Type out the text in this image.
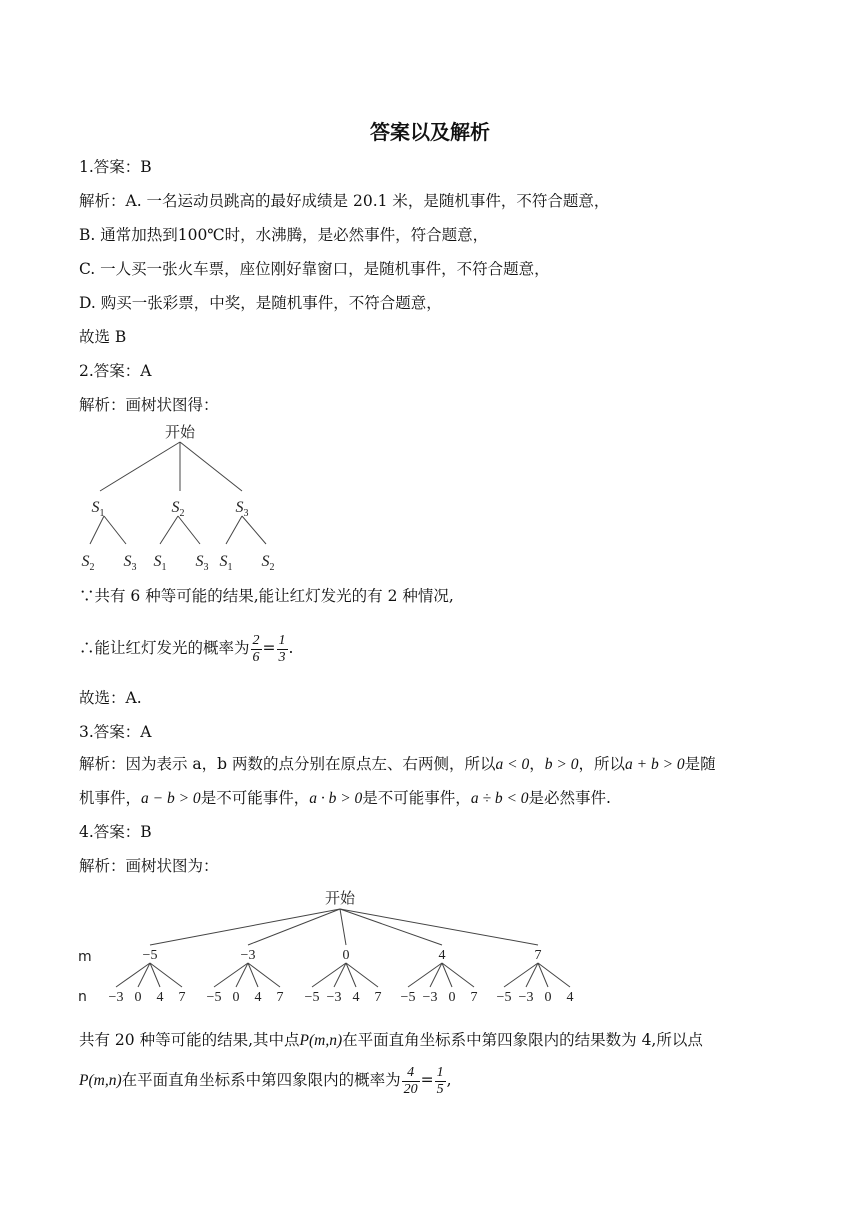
答案以及解析
1.答案：B
解析：A. 一名运动员跳高的最好成绩是 20.1 米，是随机事件，不符合题意，
B. 通常加热到100℃时，水沸腾，是必然事件，符合题意，
C. 一人买一张火车票，座位刚好靠窗口，是随机事件，不符合题意，
D. 购买一张彩票，中奖，是随机事件，不符合题意，
故选 B
2.答案：A
解析：画树状图得：
开始
$S_1$	$S_2$	$S_3$
$S_2$ $S_3$ $S_1$ $S_3$ $S_1$ $S_2$
∵共有 6 种等可能的结果,能让红灯发光的有 2 种情况,
∴能让红灯发光的概率为 $\frac{2}{6} = \frac{1}{3}$ .
故选：A.
3.答案：A
解析：因为表示 a，b 两数的点分别在原点左、右两侧，所以a < 0，b > 0，所以a + b > 0是随
机事件，a − b > 0是不可能事件，a · b > 0是不可能事件，a ÷ b < 0是必然事件.
4.答案：B
解析：画树状图为：
开始
m
n
−5
−3 0 4 7
−3
−5 0 4 7
0
−5 −3 4 7
4
−5 −3 0 7
7
−5 −3 0 4
共有 20 种等可能的结果,其中点P(m,n)在平面直角坐标系中第四象限内的结果数为 4,所以点
P(m,n)在平面直角坐标系中第四象限内的概率为 $\frac{4}{20} = \frac{1}{5}$ ,
